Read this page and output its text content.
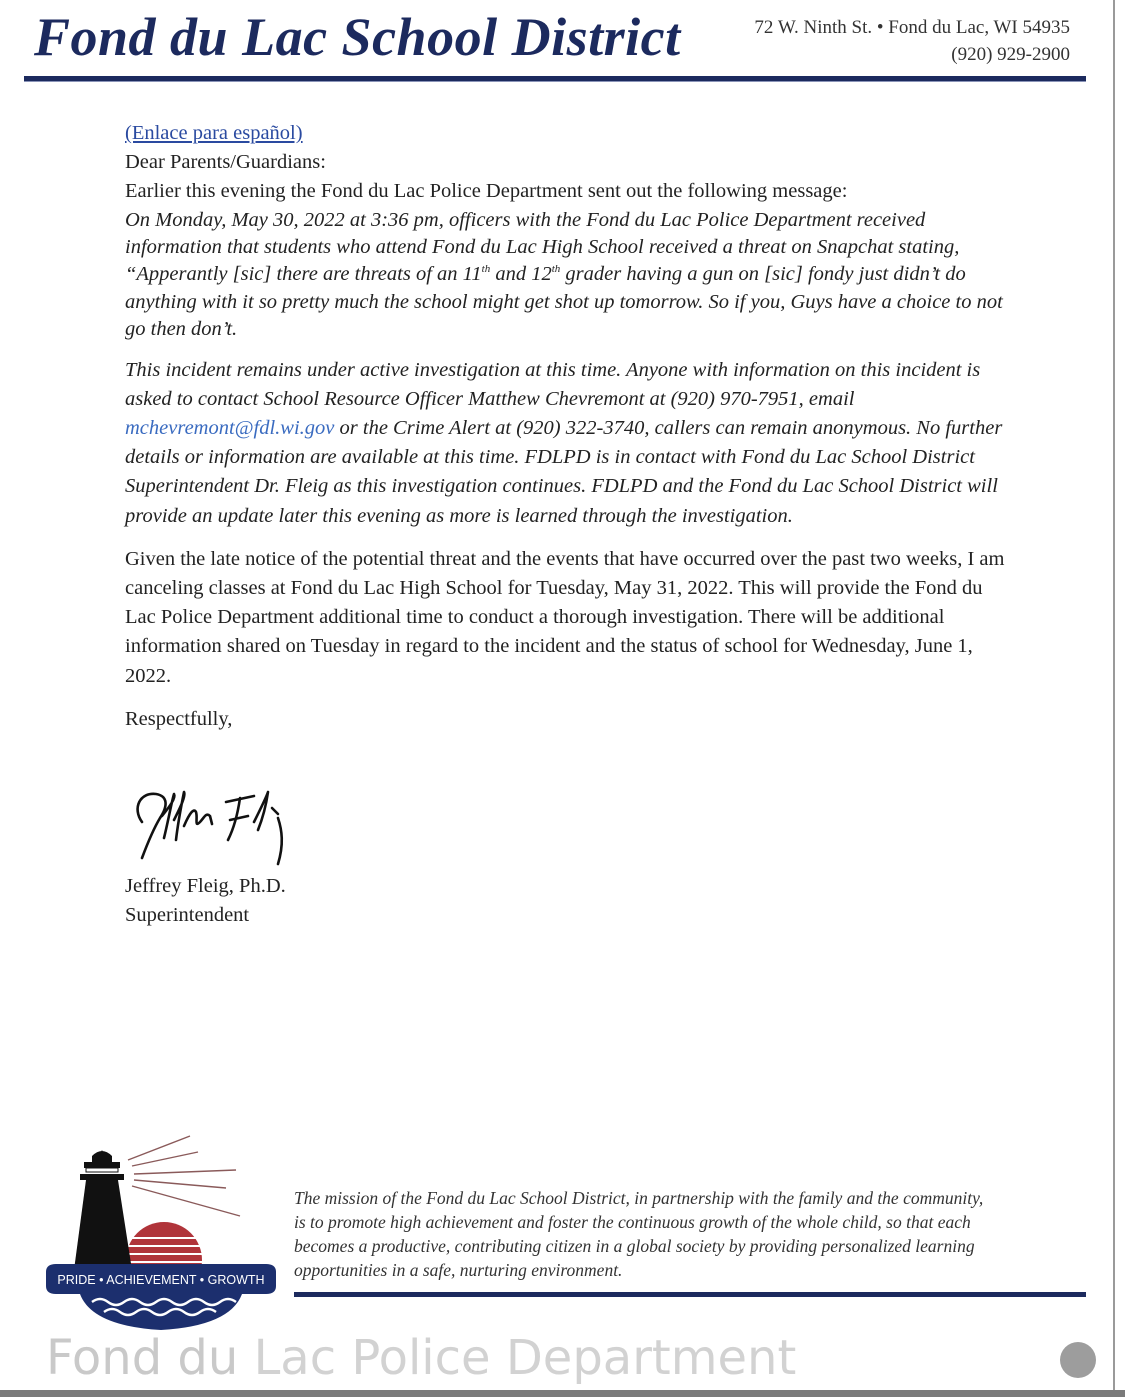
Fond du Lac School District	72 W. Ninth St. • Fond du Lac, WI 54935
(920) 929-2900

(Enlace para español)

Dear Parents/Guardians:

Earlier this evening the Fond du Lac Police Department sent out the following message:

On Monday, May 30, 2022 at 3:36 pm, officers with the Fond du Lac Police Department received information that students who attend Fond du Lac High School received a threat on Snapchat stating, “Apperantly [sic] there are threats of an 11th and 12th grader having a gun on [sic] fondy just didn’t do anything with it so pretty much the school might get shot up tomorrow. So if you, Guys have a choice to not go then don’t.

This incident remains under active investigation at this time. Anyone with information on this incident is asked to contact School Resource Officer Matthew Chevremont at (920) 970-7951, email mchevremont@fdl.wi.gov or the Crime Alert at (920) 322-3740, callers can remain anonymous. No further details or information are available at this time. FDLPD is in contact with Fond du Lac School District Superintendent Dr. Fleig as this investigation continues. FDLPD and the Fond du Lac School District will provide an update later this evening as more is learned through the investigation.

Given the late notice of the potential threat and the events that have occurred over the past two weeks, I am canceling classes at Fond du Lac High School for Tuesday, May 31, 2022. This will provide the Fond du Lac Police Department additional time to conduct a thorough investigation. There will be additional information shared on Tuesday in regard to the incident and the status of school for Wednesday, June 1, 2022.

Respectfully,

Jeffrey Fleig, Ph.D.
Superintendent
PRIDE • ACHIEVEMENT • GROWTH
The mission of the Fond du Lac School District, in partnership with the family and the community,
is to promote high achievement and foster the continuous growth of the whole child, so that each
becomes a productive, contributing citizen in a global society by providing personalized learning
opportunities in a safe, nurturing environment.
Fond du Lac Police Department
